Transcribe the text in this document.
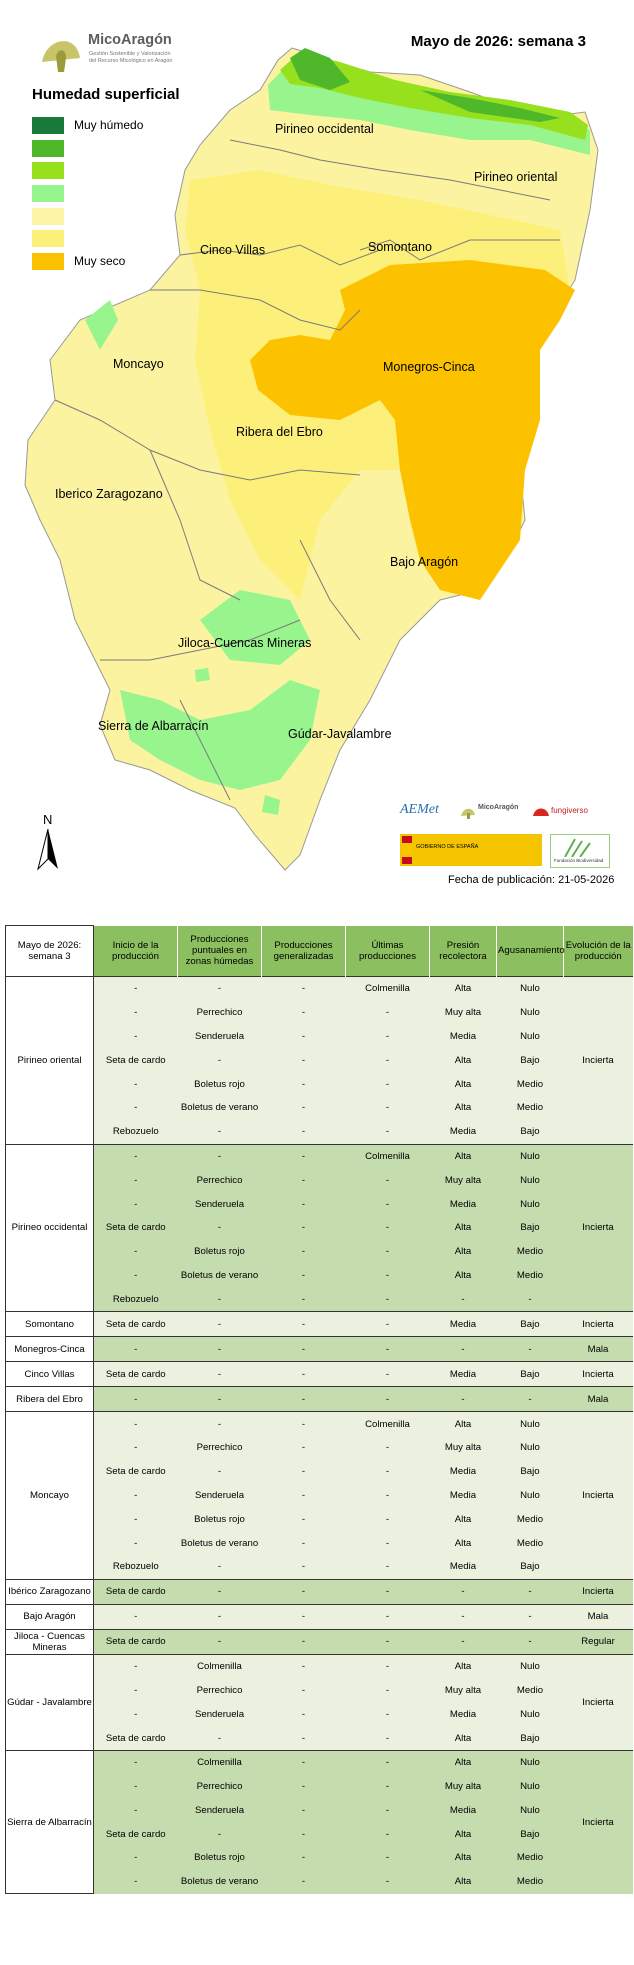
MicoAragón
Gestión Sostenible y Valorización
del Recurso Micológico en Aragón
Mayo de 2026: semana 3
Humedad superficial
Muy húmedo
Muy seco
Pirineo occidental
Pirineo oriental
Cinco Villas	Somontano
Moncayo	Monegros-Cinca
Ribera del Ebro
Iberico Zaragozano
Bajo Aragón
Jiloca-Cuencas Mineras
Sierra de Albarracín
Gúdar-Javalambre
N
AEMet	MicoAragón	fungiverso
GOBIERNO DE ESPAÑA
Fundación Biodiversidad
Fecha de publicación: 21-05-2026
Mayo de 2026: semana 3	Inicio de la producción	Producciones puntuales en zonas húmedas	Producciones generalizadas	Últimas producciones	Presión recolectora	Agusanamiento	Evolución de la producción
Pirineo oriental	-	-	-	Colmenilla	Alta	Nulo	Incierta
	-	Perrechico	-	-	Muy alta	Nulo	
	-	Senderuela	-	-	Media	Nulo	
	Seta de cardo	-	-	-	Alta	Bajo	
	-	Boletus rojo	-	-	Alta	Medio	
	-	Boletus de verano	-	-	Alta	Medio	
	Rebozuelo	-	-	-	Media	Bajo	
Pirineo occidental	-	-	-	Colmenilla	Alta	Nulo	Incierta
	-	Perrechico	-	-	Muy alta	Nulo	
	-	Senderuela	-	-	Media	Nulo	
	Seta de cardo	-	-	-	Alta	Bajo	
	-	Boletus rojo	-	-	Alta	Medio	
	-	Boletus de verano	-	-	Alta	Medio	
	Rebozuelo	-	-	-	-	-	
Somontano	Seta de cardo	-	-	-	Media	Bajo	Incierta
Monegros-Cinca	-	-	-	-	-	-	Mala
Cinco Villas	Seta de cardo	-	-	-	Media	Bajo	Incierta
Ribera del Ebro	-	-	-	-	-	-	Mala
Moncayo	-	-	-	Colmenilla	Alta	Nulo	Incierta
	-	Perrechico	-	-	Muy alta	Nulo	
	Seta de cardo	-	-	-	Media	Bajo	
	-	Senderuela	-	-	Media	Nulo	
	-	Boletus rojo	-	-	Alta	Medio	
	-	Boletus de verano	-	-	Alta	Medio	
	Rebozuelo	-	-	-	Media	Bajo	
Ibérico Zaragozano	Seta de cardo	-	-	-	-	-	Incierta
Bajo Aragón	-	-	-	-	-	-	Mala
Jiloca - Cuencas Mineras	Seta de cardo	-	-	-	-	-	Regular
Gúdar - Javalambre	-	Colmenilla	-	-	Alta	Nulo	Incierta
	-	Perrechico	-	-	Muy alta	Medio	
	-	Senderuela	-	-	Media	Nulo	
	Seta de cardo	-	-	-	Alta	Bajo	
Sierra de Albarracín	-	Colmenilla	-	-	Alta	Nulo	Incierta
	-	Perrechico	-	-	Muy alta	Nulo	
	-	Senderuela	-	-	Media	Nulo	
	Seta de cardo	-	-	-	Alta	Bajo	
	-	Boletus rojo	-	-	Alta	Medio	
	-	Boletus de verano	-	-	Alta	Medio	
